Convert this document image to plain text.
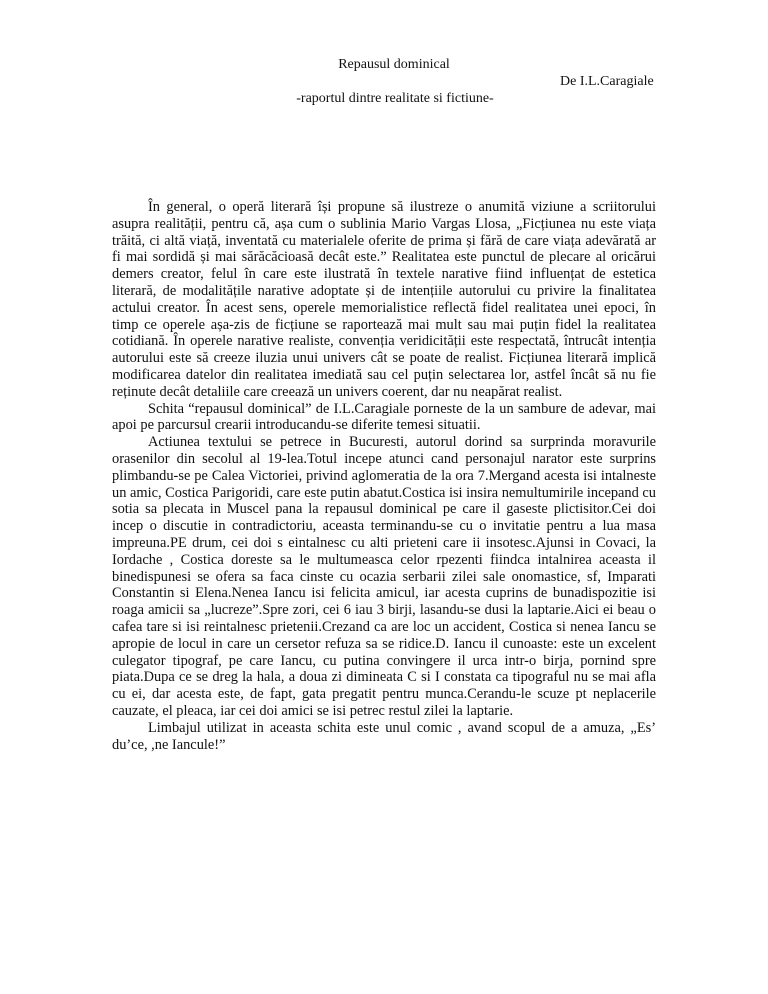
Repausul dominical
De I.L.Caragiale
-raportul dintre realitate si fictiune-

În general, o operă literară își propune să ilustreze o anumită viziune a scriitorului asupra realității, pentru că, așa cum o sublinia Mario Vargas Llosa, „Ficțiunea nu este viața trăită, ci altă viață, inventată cu materialele oferite de prima și fără de care viața adevărată ar fi mai sordidă și mai sărăcăcioasă decât este.” Realitatea este punctul de plecare al oricărui demers creator, felul în care este ilustrată în textele narative fiind influențat de estetica literară, de modalitățile narative adoptate și de intențiile autorului cu privire la finalitatea actului creator. În acest sens, operele memorialistice reflectă fidel realitatea unei epoci, în timp ce operele așa-zis de ficțiune se raportează mai mult sau mai puțin fidel la realitatea cotidiană. În operele narative realiste, convenția veridicității este respectată, întrucât intenția autorului este să creeze iluzia unui univers cât se poate de realist. Ficțiunea literară implică modificarea datelor din realitatea imediată sau cel puțin selectarea lor, astfel încât să nu fie reținute decât detaliile care creează un univers coerent, dar nu neapărat realist.

Schita “repausul dominical” de I.L.Caragiale porneste de la un sambure de adevar, mai apoi pe parcursul crearii introducandu-se diferite temesi situatii.

Actiunea textului se petrece in Bucuresti, autorul dorind sa surprinda moravurile orasenilor din secolul al 19-lea.Totul incepe atunci cand personajul narator este surprins plimbandu-se pe Calea Victoriei, privind aglomeratia de la ora 7.Mergand acesta isi intalneste un amic, Costica Parigoridi, care este putin abatut.Costica isi insira nemultumirile incepand cu sotia sa plecata in Muscel pana la repausul dominical pe care il gaseste plictisitor.Cei doi incep o discutie in contradictoriu, aceasta terminandu-se cu o invitatie pentru a lua masa impreuna.PE drum, cei doi s eintalnesc cu alti prieteni care ii insotesc.Ajunsi in Covaci, la Iordache , Costica doreste sa le multumeasca celor rpezenti fiindca intalnirea aceasta il binedispunesi se ofera sa faca cinste cu ocazia serbarii zilei sale onomastice, sf, Imparati Constantin si Elena.Nenea Iancu isi felicita amicul, iar acesta cuprins de bunadispozitie isi roaga amicii sa „lucreze”.Spre zori, cei 6 iau 3 birji, lasandu-se dusi la laptarie.Aici ei beau o cafea tare si isi reintalnesc prietenii.Crezand ca are loc un accident, Costica si nenea Iancu se apropie de locul in care un cersetor refuza sa se ridice.D. Iancu il cunoaste: este un excelent culegator tipograf, pe care Iancu, cu putina convingere il urca intr-o birja, pornind spre piata.Dupa ce se dreg la hala, a doua zi dimineata C si I constata ca tipograful nu se mai afla cu ei, dar acesta este, de fapt, gata pregatit pentru munca.Cerandu-le scuze pt neplacerile cauzate, el pleaca, iar cei doi amici se isi petrec restul zilei la laptarie.

Limbajul utilizat in aceasta schita este unul comic , avand scopul de a amuza, „Es’ du’ce, ,ne Iancule!”
